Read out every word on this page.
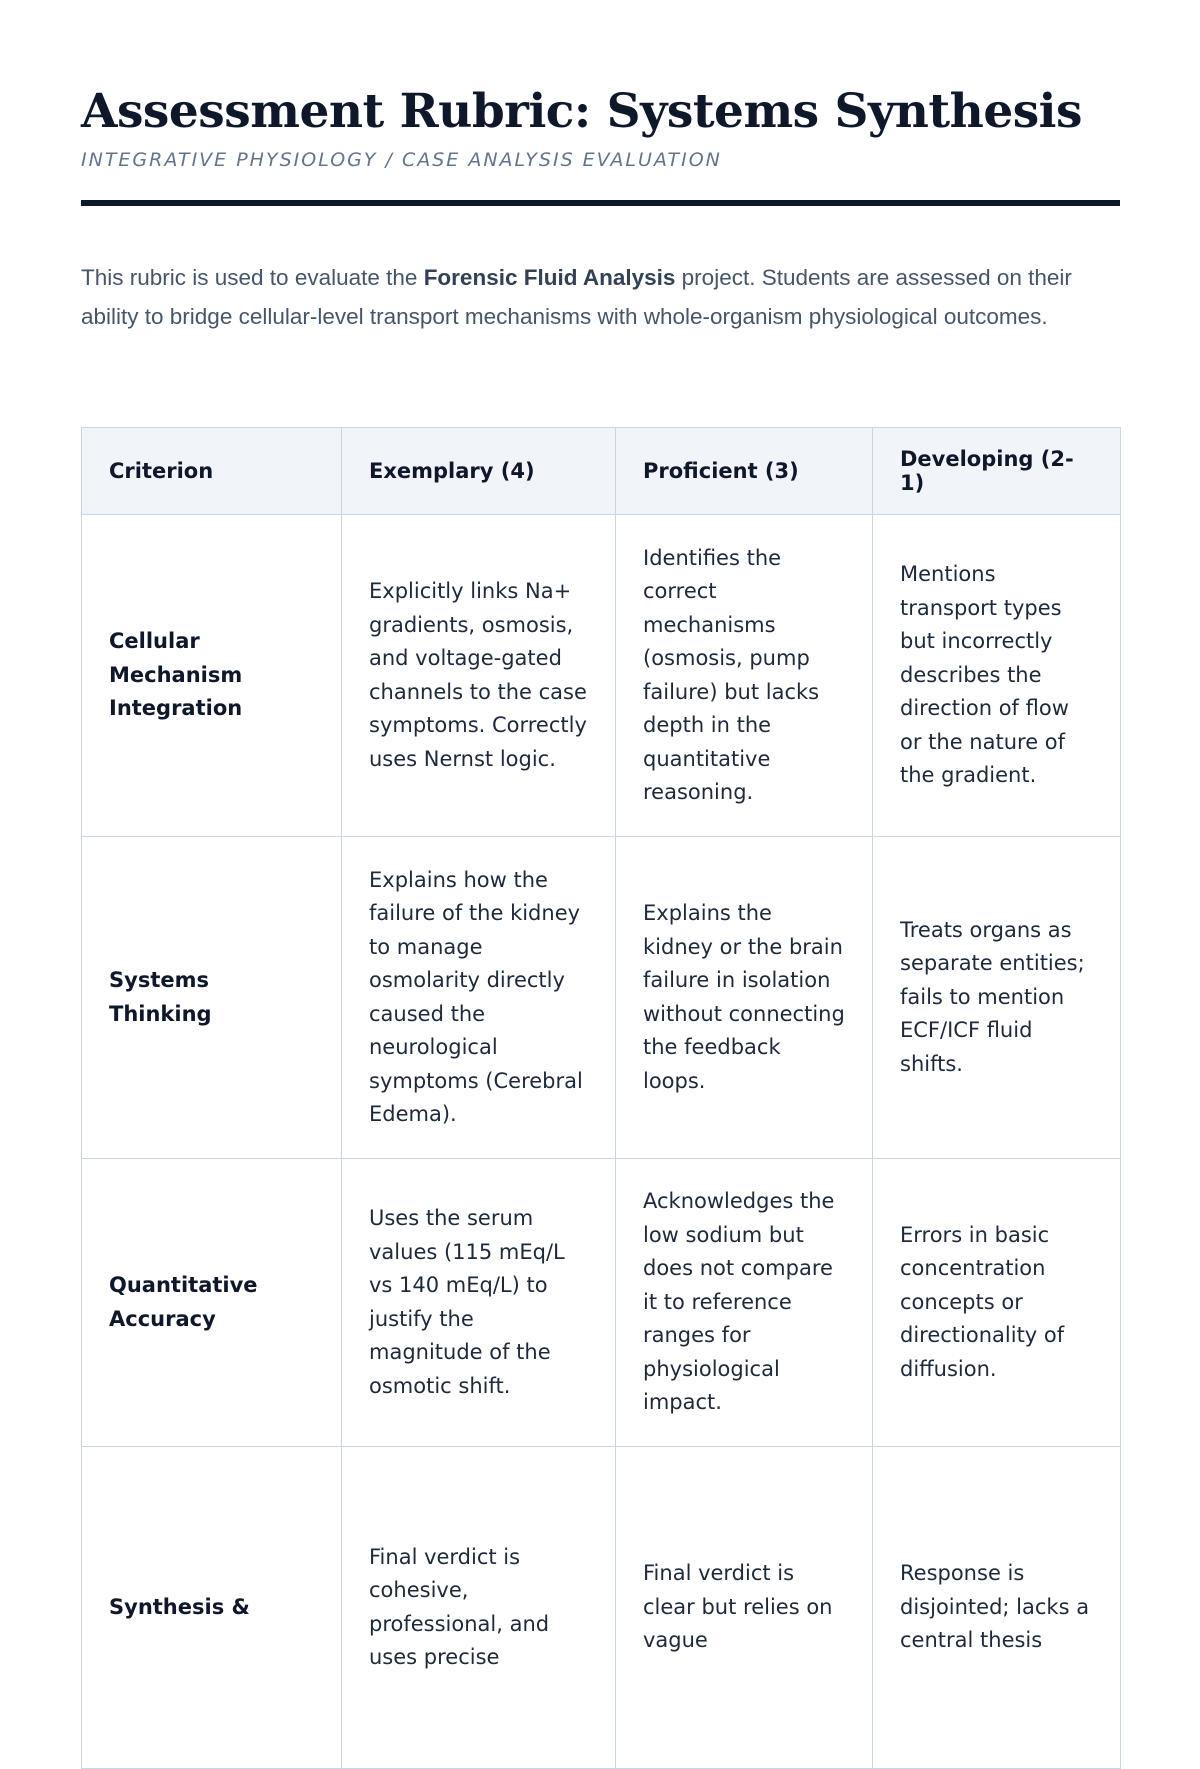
Assessment Rubric: Systems Synthesis
INTEGRATIVE PHYSIOLOGY / CASE ANALYSIS EVALUATION

This rubric is used to evaluate the Forensic Fluid Analysis project. Students are assessed on their ability to bridge cellular-level transport mechanisms with whole-organism physiological outcomes.

Criterion	Exemplary (4)	Proficient (3)	Developing (2-1)
Cellular Mechanism Integration	Explicitly links Na+ gradients, osmosis, and voltage-gated channels to the case symptoms. Correctly uses Nernst logic.	Identifies the correct mechanisms (osmosis, pump failure) but lacks depth in the quantitative reasoning.	Mentions transport types but incorrectly describes the direction of flow or the nature of the gradient.
Systems Thinking	Explains how the failure of the kidney to manage osmolarity directly caused the neurological symptoms (Cerebral Edema).	Explains the kidney or the brain failure in isolation without connecting the feedback loops.	Treats organs as separate entities; fails to mention ECF/ICF fluid shifts.
Quantitative Accuracy	Uses the serum values (115 mEq/L vs 140 mEq/L) to justify the magnitude of the osmotic shift.	Acknowledges the low sodium but does not compare it to reference ranges for physiological impact.	Errors in basic concentration concepts or directionality of diffusion.
Synthesis &	Final verdict is cohesive, professional, and uses precise	Final verdict is clear but relies on vague	Response is disjointed; lacks a central thesis
